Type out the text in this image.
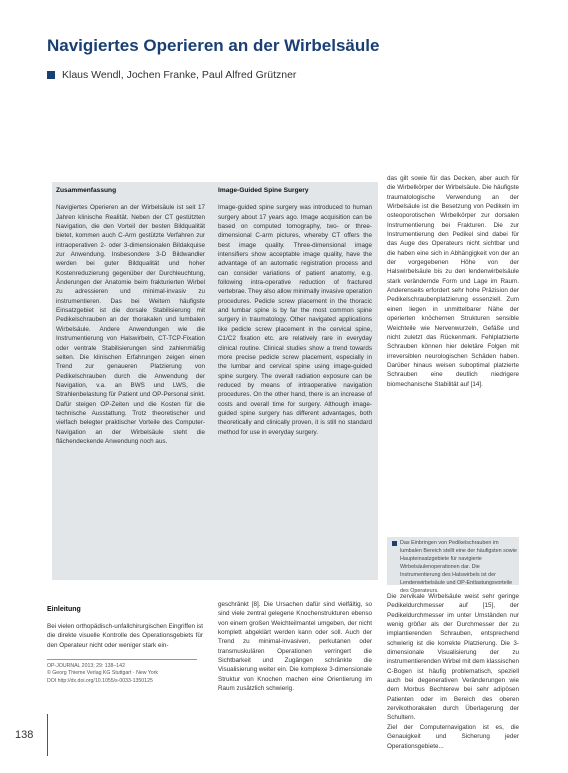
Navigiertes Operieren an der Wirbelsäule
Klaus Wendl, Jochen Franke, Paul Alfred Grützner
Zusammenfassung

Navigiertes Operieren an der Wirbelsäule ist seit 17 Jahren klinische Realität. Neben der CT gestützten Navigation, die den Vorteil der besten Bildqualität bietet, kommen auch C-Arm gestützte Verfahren zur intraoperativen 2- oder 3-dimensionalen Bildakquise zur Anwendung. Insbesondere 3-D Bildwandler werden bei guter Bildqualität und hoher Kostenreduzierung gegenüber der Durchleuchtung, Änderungen der Anatomie beim frakturierten Wirbel zu adressieren und minimal-invasiv zu instrumentieren. Das bei Weitem häufigste Einsatzgebiet ist die dorsale Stabilisierung mit Pedikelschrauben an der thorakalen und lumbalen Wirbelsäule. Andere Anwendungen wie die Instrumentierung von Halswirbeln, CT-TCP-Fixation oder ventrale Stabilisierungen sind zahlenmäßig selten. Die klinischen Erfahrungen zeigen einen Trend zur genaueren Platzierung von Pedikelschrauben durch die Anwendung der Navigation, v.a. an BWS und LWS, die Strahlenbelastung für Patient und OP-Personal sinkt. Dafür steigen OP-Zeiten und die Kosten für die technische Ausstattung. Trotz theoretischer und vielfach belegter praktischer Vorteile des Computer-Navigation an der Wirbelsäule steht die flächendeckende Anwendung noch aus.

Image-Guided Spine Surgery

Image-guided spine surgery was introduced to human surgery about 17 years ago. Image acquisition can be based on computed tomography, two- or three-dimensional C-arm pictures, whereby CT offers the best image quality. Three-dimensional image intensifiers show acceptable image quality, have the advantage of an automatic registration process and can consider variations of patient anatomy, e.g. following intra-operative reduction of fractured vertebrae. They also allow minimally invasive operation procedures. Pedicle screw placement in the thoracic and lumbar spine is by far the most common spine surgery in traumatology. Other navigated applications like pedicle screw placement in the cervical spine, C1/C2 fixation etc. are relatively rare in everyday clinical routine. Clinical studies show a trend towards more precise pedicle screw placement, especially in the lumbar and cervical spine using image-guided spine surgery. The overall radiation exposure can be reduced by means of intraoperative navigation procedures. On the other hand, there is an increase of costs and overall time for surgery. Although image-guided spine surgery has different advantages, both theoretically and clinically proven, it is still no standard method for use in everyday surgery.

das gilt sowie für das Decken, aber auch für die Wirbelkörper der Wirbelsäule. Die häufigste traumatologische Verwendung an der Wirbelsäule ist die Besetzung von Pedikeln im osteoporotischen Wirbelkörper zur dorsalen Instrumentierung bei Frakturen. Die zur Instrumentierung den Pedikel sind dabei für das Auge des Operateurs nicht sichtbar und die haben eine sich in Abhängigkeit von der an der vorgegebenen Höhe von der Halswirbelsäule bis zu den lendenwirbelsäule stark verändernde Form und Lage im Raum. Anderenseits erfordert sehr hohe Präzision der Pedikelschraubenplatzierung essenziell. Zum einen liegen in unmittelbarer Nähe der operierten knöchernen Strukturen sensible Weichteile wie Nervenwurzeln, Gefäße und nicht zuletzt das Rückenmark. Fehlplatzierte Schrauben können hier deletäre Folgen mit irreversiblen neurologischen Schäden haben. Darüber hinaus weisen suboptimal platzierte Schrauben eine deutlich niedrigere biomechanische Stabilität auf [14].

Das Einbringen von Pedikelschrauben im lumbalen Bereich stellt eine der häufigsten sowie Haupteinsatzgebiete für navigierte Wirbelsäulenoperationen dar. Die Instrumentierung des Halswirbels ist der Lendenwirbelsäule und OP-Entlastungsvorteile des Operateurs.

Die zervikale Wirbelsäule weist sehr geringe Pedikeldurchmesser auf [15], der Pedikeldurchmesser im unter Umständen nur wenig größer als der Durchmesser der zu implantierenden Schrauben, entsprechend schwierig ist die korrekte Platzierung. Die 3-dimensionale Visualisierung der zu instrumentierenden Wirbel mit dem klassischen C-Bogen ist häufig problematisch, speziell auch bei degenerativen Veränderungen wie dem Morbus Bechterew bei sehr adipösen Patienten oder im Bereich des oberen zervikothorakalen durch Überlagerung der Schultern.

Ziel der Computernavigation ist es, die Genauigkeit und Sicherung jeder Operationsgebiete...

geschränkt [8]. Die Ursachen dafür sind vielfältig, so sind viele zentral gelegene Knochenstrukturen ebenso von einem großen Weichteilmantel umgeben, der nicht komplett abgeklärt werden kann oder soll. Auch der Trend zu minimal-invasiven, perkutanen oder transmuskulären Operationen verringert die Sichtbarkeit und Zugängen schränkte die Visualisierung weiter ein. Die komplexe 3-dimensionale Struktur von Knochen machen eine Orientierung im Raum zusätzlich schwierig.

Einleitung

Bei vielen orthopädisch-unfallchirurgischen Eingriffen ist die direkte visuelle Kontrolle des Operationsgebiets für den Operateur nicht oder weniger stark ein-

OP-JOURNAL 2013; 29: 138–142
© Georg Thieme Verlag KG Stuttgart · New York
DOI http://dx.doi.org/10.1055/s-0033-1350125
138
